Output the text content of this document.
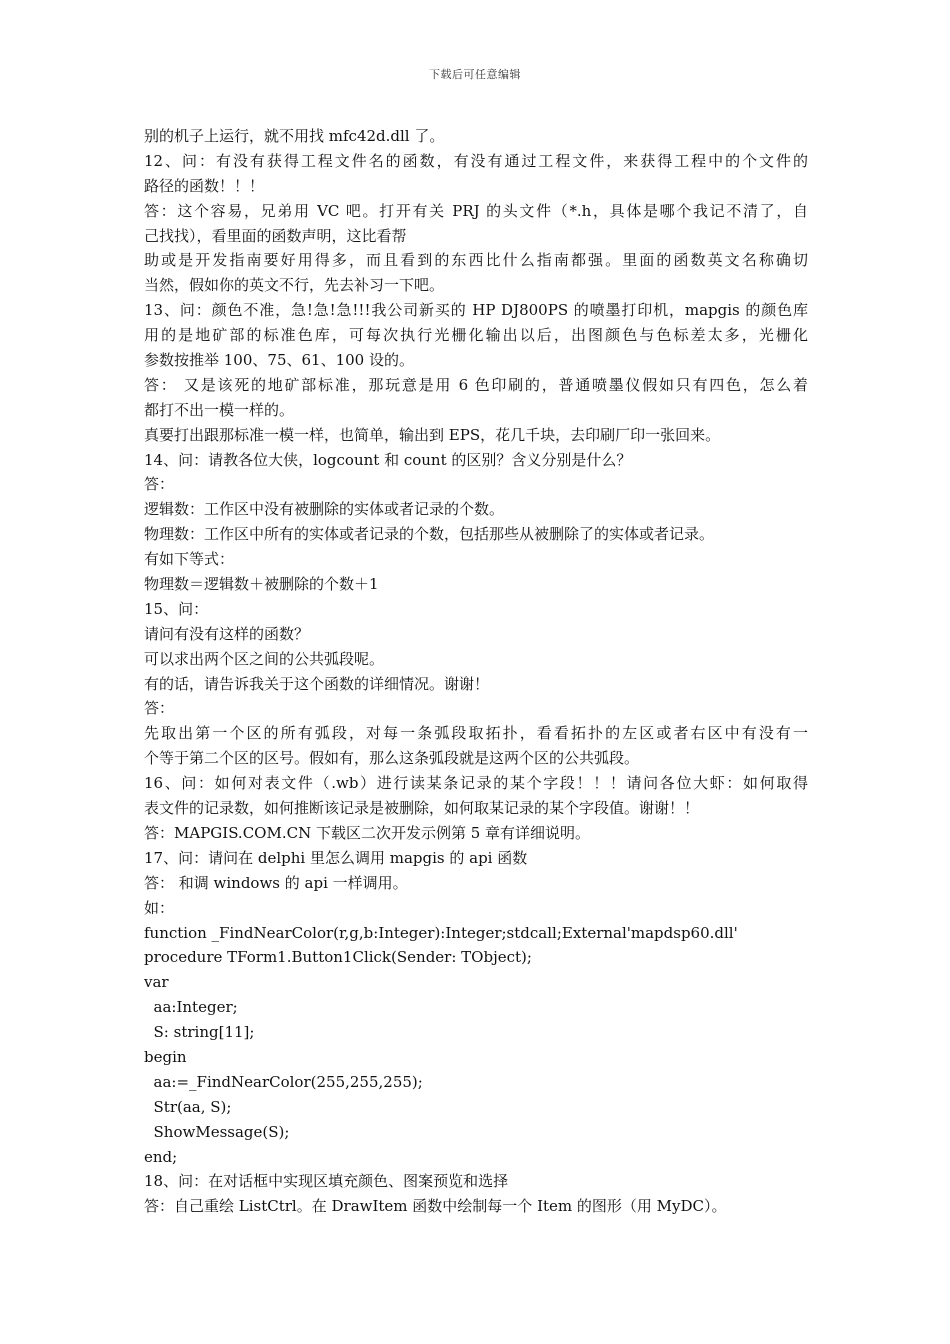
下载后可任意编辑
别的机子上运行，就不用找 mfc42d.dll 了。
12、问：有没有获得工程文件名的函数，有没有通过工程文件，来获得工程中的个文件的
路径的函数！！！
答：这个容易，兄弟用 VC 吧。打开有关 PRJ 的头文件（*.h，具体是哪个我记不清了，自
己找找），看里面的函数声明，这比看帮
助或是开发指南要好用得多，而且看到的东西比什么指南都强。里面的函数英文名称确切
当然，假如你的英文不行，先去补习一下吧。
13、问：颜色不准，急!急!急!!!我公司新买的 HP DJ800PS 的喷墨打印机，mapgis 的颜色库
用的是地矿部的标准色库，可每次执行光栅化输出以后，出图颜色与色标差太多，光栅化
参数按推举 100、75、61、100 设的。
答： 又是该死的地矿部标准，那玩意是用 6 色印刷的，普通喷墨仪假如只有四色，怎么着
都打不出一模一样的。
真要打出跟那标准一模一样，也简单，输出到 EPS，花几千块，去印刷厂印一张回来。
14、问：请教各位大侠，logcount 和 count 的区别？含义分别是什么？
答：
逻辑数：工作区中没有被删除的实体或者记录的个数。
物理数：工作区中所有的实体或者记录的个数，包括那些从被删除了的实体或者记录。
有如下等式：
物理数＝逻辑数＋被删除的个数＋1
15、问：
请问有没有这样的函数？
可以求出两个区之间的公共弧段呢。
有的话，请告诉我关于这个函数的详细情况。谢谢！
答：
先取出第一个区的所有弧段，对每一条弧段取拓扑，看看拓扑的左区或者右区中有没有一
个等于第二个区的区号。假如有，那么这条弧段就是这两个区的公共弧段。
16、问：如何对表文件（.wb）进行读某条记录的某个字段！！！请问各位大虾：如何取得
表文件的记录数，如何推断该记录是被删除，如何取某记录的某个字段值。谢谢！！
答：MAPGIS.COM.CN 下载区二次开发示例第 5 章有详细说明。
17、问：请问在 delphi 里怎么调用 mapgis 的 api 函数
答： 和调 windows 的 api 一样调用。
如：
function _FindNearColor(r,g,b:Integer):Integer;stdcall;External'mapdsp60.dll'
procedure TForm1.Button1Click(Sender: TObject);
var
aa:Integer;
S: string[11];
begin
aa:=_FindNearColor(255,255,255);
Str(aa, S);
ShowMessage(S);
end;
18、问：在对话框中实现区填充颜色、图案预览和选择
答：自己重绘 ListCtrl。在 DrawItem 函数中绘制每一个 Item 的图形（用 MyDC）。
